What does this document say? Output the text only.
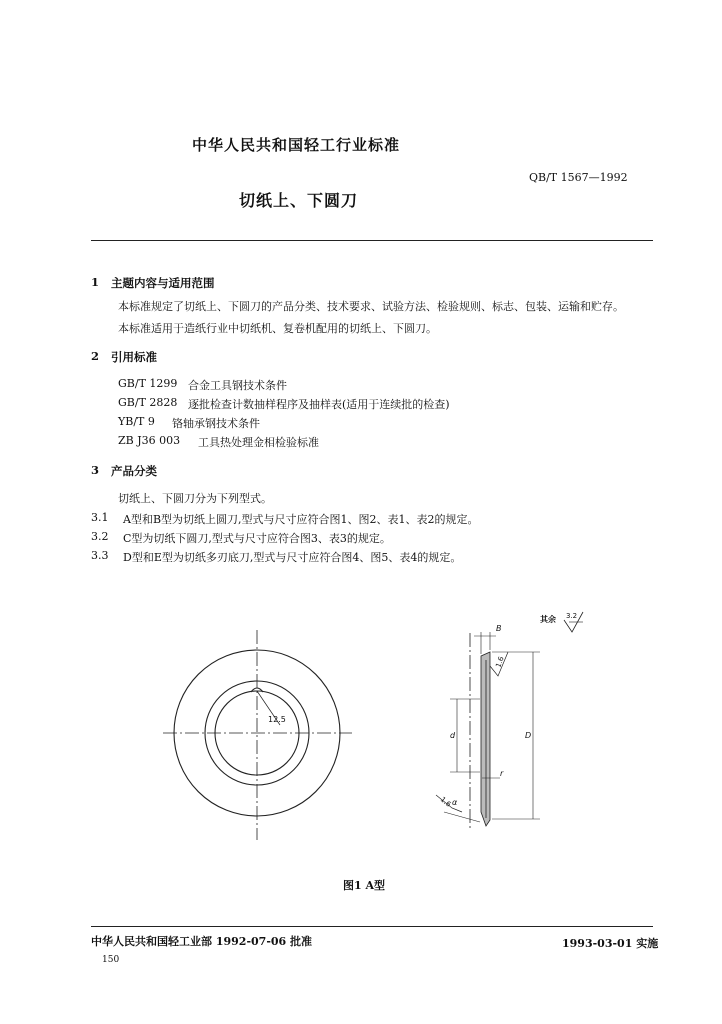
中华人民共和国轻工行业标准
QB/T 1567—1992
切纸上、下圆刀
1 主题内容与适用范围
本标准规定了切纸上、下圆刀的产品分类、技术要求、试验方法、检验规则、标志、包装、运输和贮存。
本标准适用于造纸行业中切纸机、复卷机配用的切纸上、下圆刀。
2 引用标准
GB/T 1299 合金工具钢技术条件
GB/T 2828 逐批检查计数抽样程序及抽样表(适用于连续批的检查)
YB/T 9 铬轴承钢技术条件
ZB J36 003 工具热处理金相检验标准
3 产品分类
切纸上、下圆刀分为下列型式。
3.1 A型和B型为切纸上圆刀,型式与尺寸应符合图1、图2、表1、表2的规定。
3.2 C型为切纸下圆刀,型式与尺寸应符合图3、表3的规定。
3.3 D型和E型为切纸多刃底刀,型式与尺寸应符合图4、图5、表4的规定。
12.5
B
d	D
r
1.6
1.6 α
其余 3.2
图1 A型
中华人民共和国轻工业部 1992-07-06 批准	1993-03-01 实施
150
